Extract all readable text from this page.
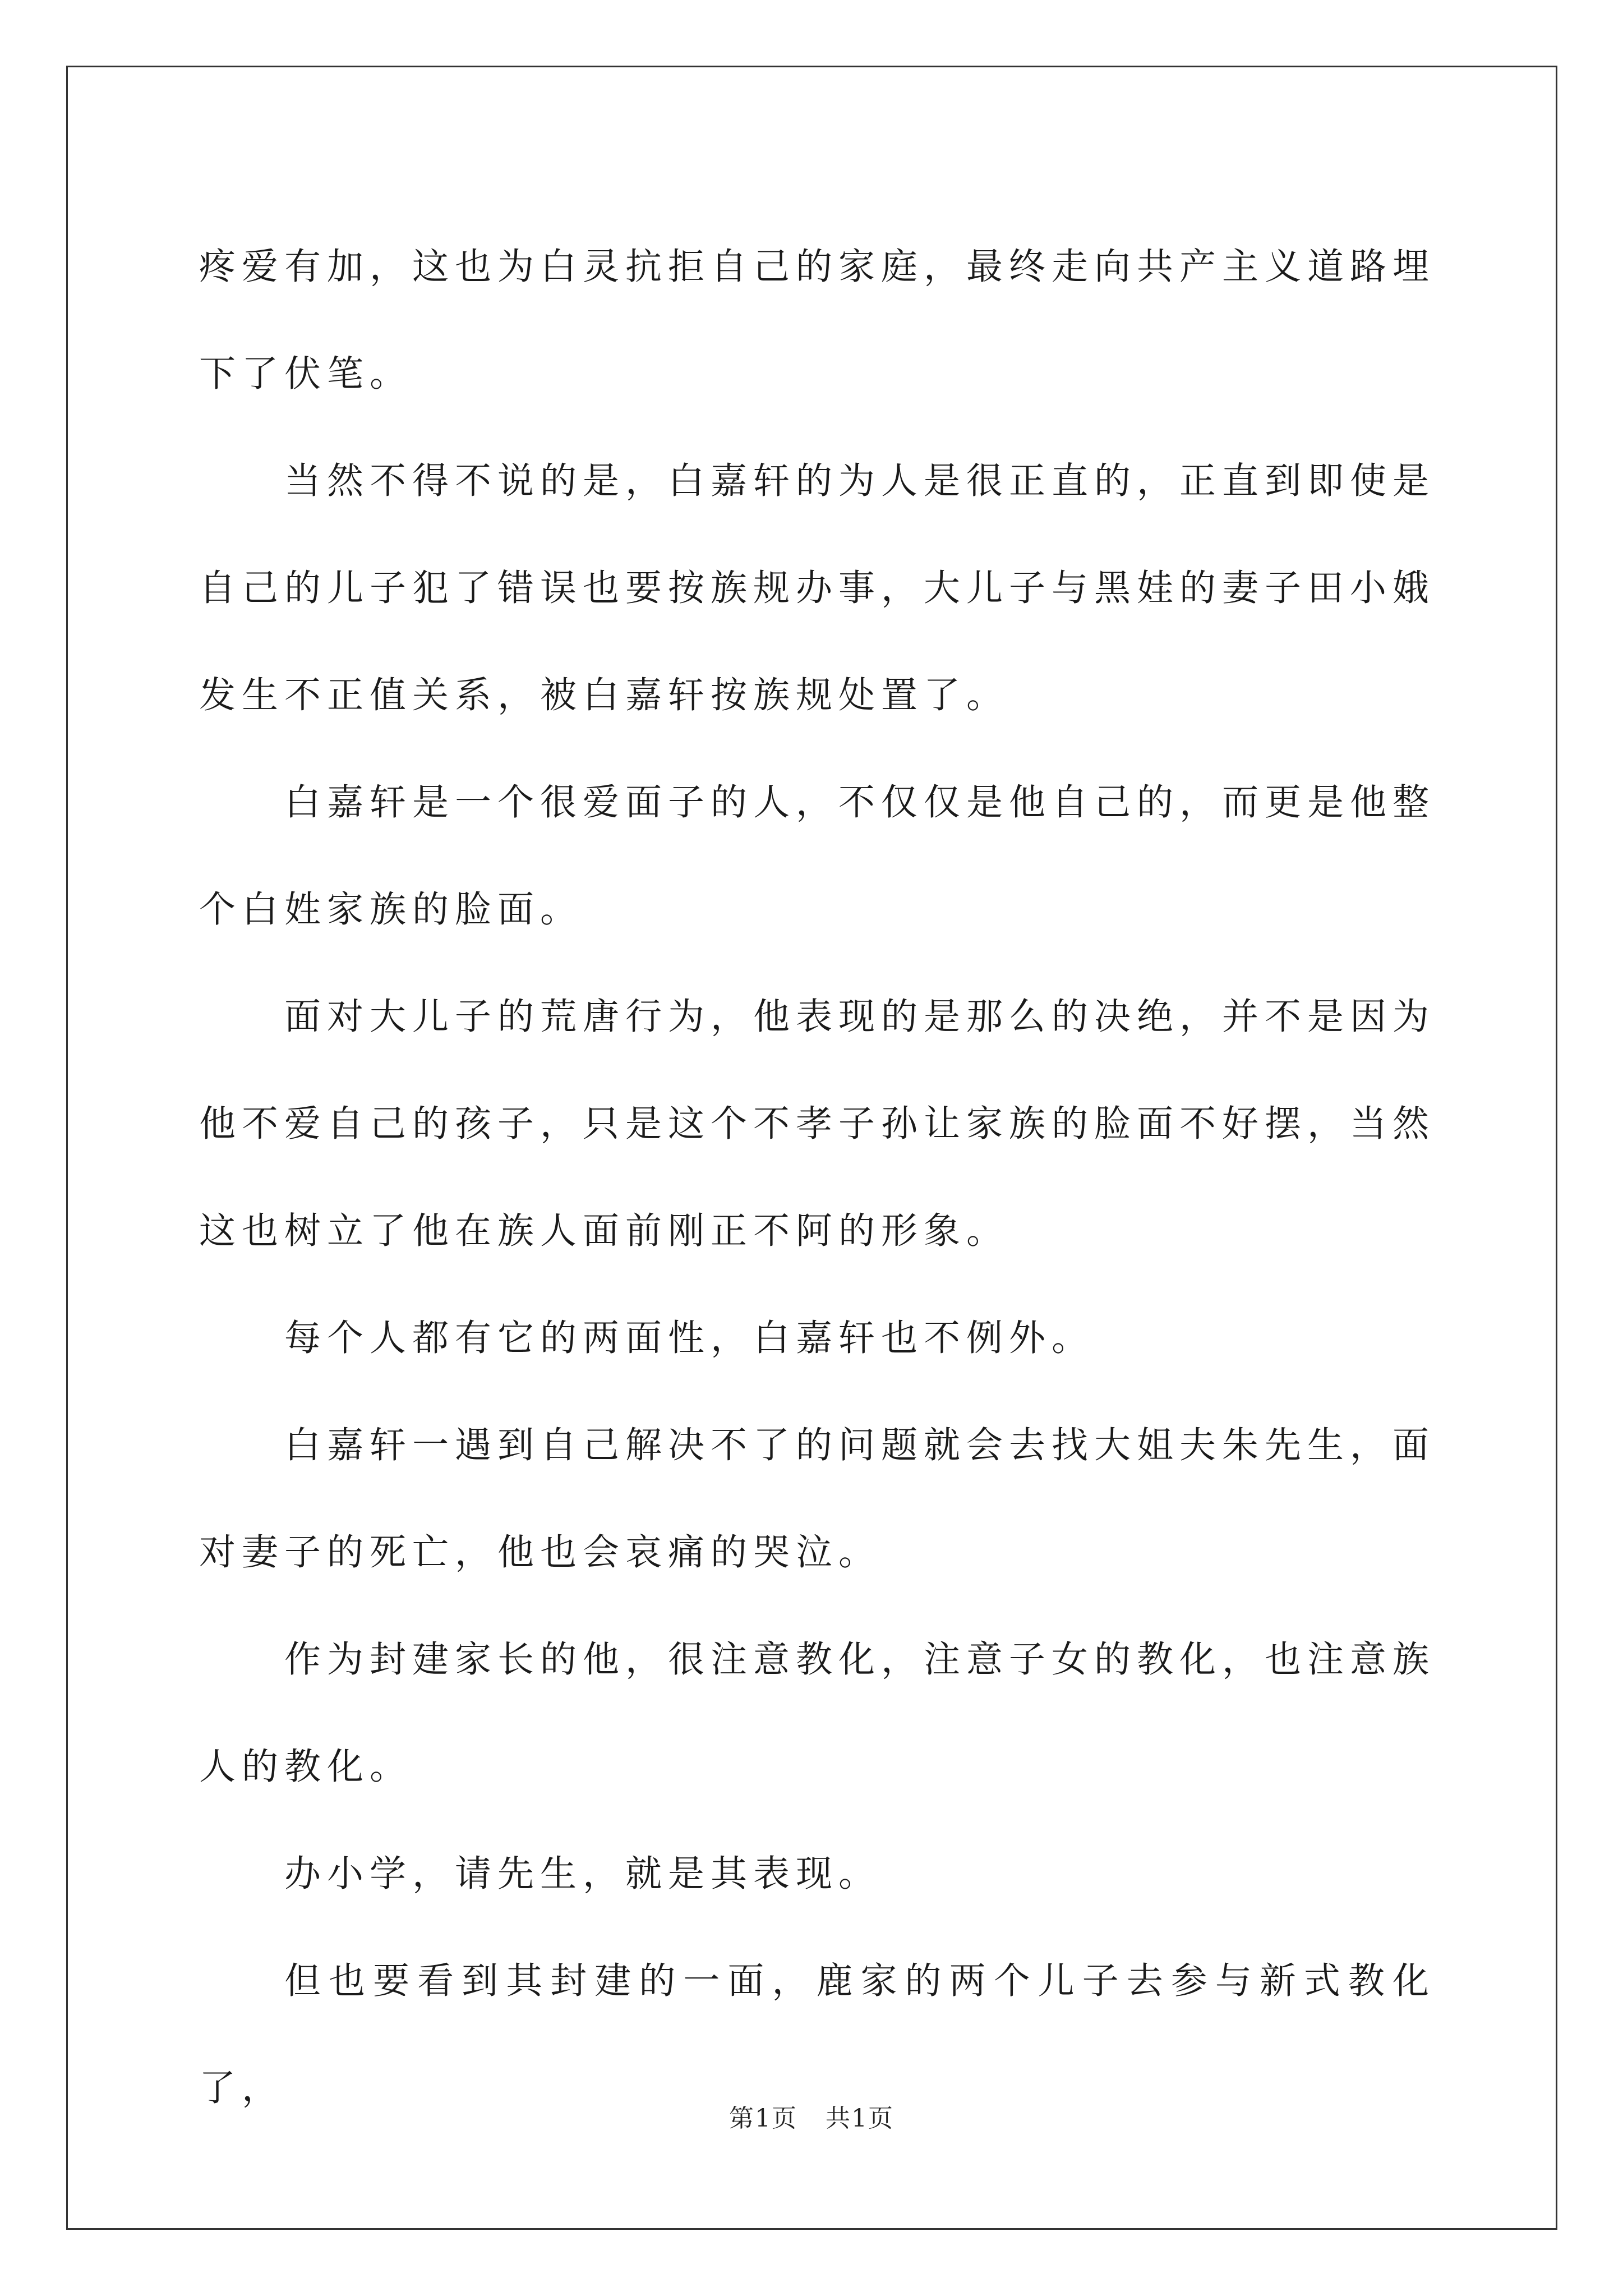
疼爱有加，这也为白灵抗拒自己的家庭，最终走向共产主义道路埋下了伏笔。

当然不得不说的是，白嘉轩的为人是很正直的，正直到即使是自己的儿子犯了错误也要按族规办事，大儿子与黑娃的妻子田小娥发生不正值关系，被白嘉轩按族规处置了。

白嘉轩是一个很爱面子的人，不仅仅是他自己的，而更是他整个白姓家族的脸面。

面对大儿子的荒唐行为，他表现的是那么的决绝，并不是因为他不爱自己的孩子，只是这个不孝子孙让家族的脸面不好摆，当然这也树立了他在族人面前刚正不阿的形象。

每个人都有它的两面性，白嘉轩也不例外。

白嘉轩一遇到自己解决不了的问题就会去找大姐夫朱先生，面对妻子的死亡，他也会哀痛的哭泣。

作为封建家长的他，很注意教化，注意子女的教化，也注意族人的教化。

办小学，请先生，就是其表现。

但也要看到其封建的一面，鹿家的两个儿子去参与新式教化了，

第1页 共1页
